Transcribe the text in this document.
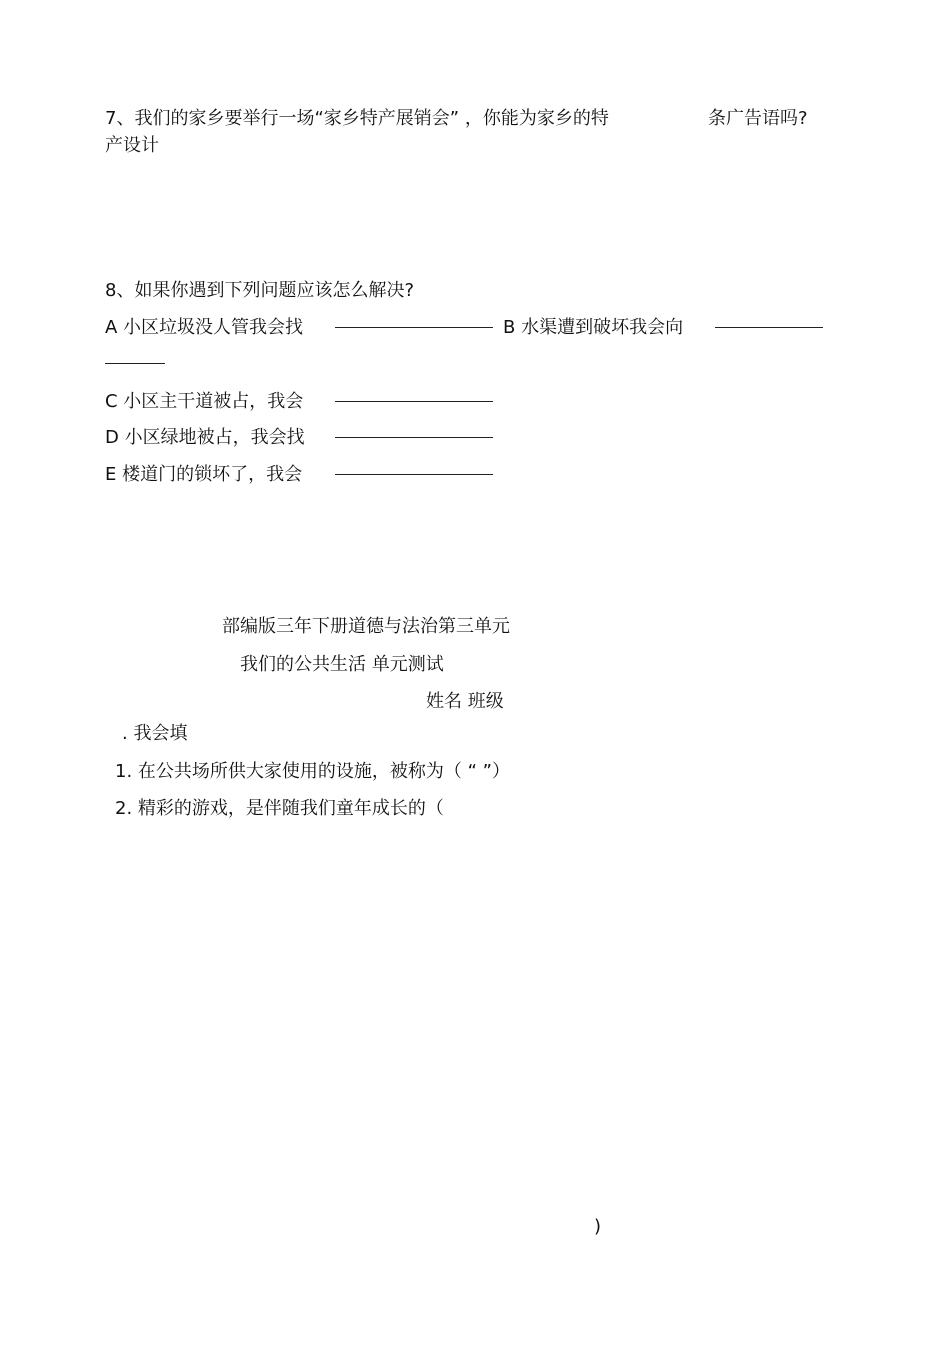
7、我们的家乡要举行一场“家乡特产展销会” ，你能为家乡的特	条广告语吗?
产设计
8、如果你遇到下列问题应该怎么解决?
A 小区垃圾没人管我会找	B 水渠遭到破坏我会向
C 小区主干道被占，我会
D 小区绿地被占，我会找
E 楼道门的锁坏了，我会
部编版三年下册道德与法治第三单元
我们的公共生活 单元测试
姓名 班级
. 我会填
1. 在公共场所供大家使用的设施，被称为（ “ ”）
2. 精彩的游戏，是伴随我们童年成长的（
)
